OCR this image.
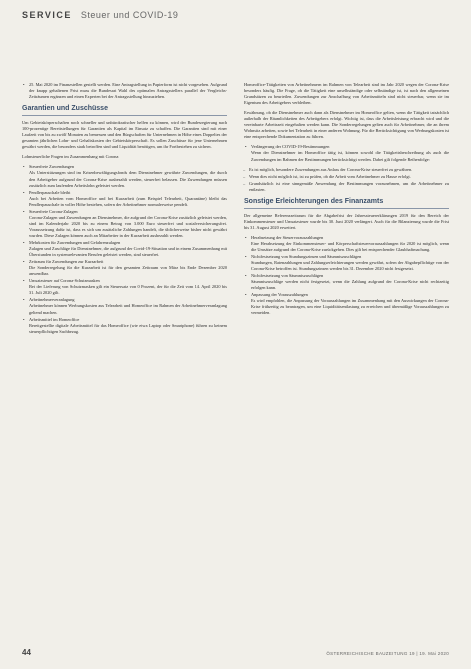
SERVICE Steuer und COVID-19
• 25. Mai 2020 im Finanzstellen gestellt werden. Eine Antragstellung in Papierform ist nicht vorgesehen. Aufgrund der knapp gehaltenen Frist muss die Bundesrat Wahl des optimalen Antragsstellers parallel der Vergleichs-Zeiträumen ergänzen und einen Experten bei der Antragsstellung hinzuziehen.
Garantien und Zuschüsse

Um Gebietskörperschaften noch schneller und unbürokratischer helfen zu können, wird der Bundesregierung nach 100-prozentige Bereitstellungen für Garantien als Kapital im Einsatz zu schaffen. Die Garantien sind mit einer Laufzeit von bis zu zwölf Monaten zu bemessen und den Bürgschaften für Unternehmen in Höhe eines Doppeltes der gesamten jährlichen Lohn- und Gehaltskosten der Gebietskörperschaft. Es sollen Zuschüsse für jene Unternehmen gewährt werden, die besonders stark betroffen sind und Liquidität benötigen, um ihr Fortbestehen zu sichern.

Lohnsteuerliche Fragen im Zusammenhang mit Corona

• Steuerfreie Zuwendungen
Als Unterstützungen sind im Krisenbewältigungsfonds dem Dienstnehmer gewährte Zuwendungen, die durch den Arbeitgeber aufgrund der Corona-Krise ausbezahlt werden, steuerfrei belassen. Die Zuwendungen müssen zusätzlich zum laufenden Arbeitslohn geleistet werden.
• Pendlerpauschale bleibt
Auch bei Arbeiten vom Homeoffice und bei Kurzarbeit (zum Beispiel Telearbeit, Quarantäne) bleibt das Pendlerpauschale in voller Höhe bestehen, sofern der Arbeitnehmer normalerweise pendelt.
• Steuerfreie Corona-Zulagen
Corona-Zulagen und Zuwendungen an Dienstnehmer, die aufgrund der Corona-Krise zusätzlich geleistet werden, sind im Kalenderjahr 2020 bis zu einem Betrag von 3.000 Euro steuerfrei und sozialversicherungsfrei. Voraussetzung dafür ist, dass es sich um zusätzliche Zahlungen handelt, die üblicherweise bisher nicht gewährt wurden. Diese Zulagen können auch an Mitarbeiter in der Kurzarbeit ausbezahlt werden.
• Mehrkosten für Zuwendungen und Gefahrenzulagen
Zulagen und Zuschläge für Dienstnehmer, die aufgrund der Covid-19-Situation und in einem Zusammenhang mit Überstunden in systemrelevanten Berufen geleistet werden, sind steuerfrei.
• Zeitraum für Zuwendungen zur Kurzarbeit
Die Sonderregelung für die Kurzarbeit ist für den gesamten Zeitraum von März bis Ende Dezember 2020 anwendbar.
• Umsatzsteuer auf Corona-Schutzmasken
Bei der Lieferung von Schutzmasken gilt ein Steuersatz von 0 Prozent, der für die Zeit vom 14. April 2020 bis 31. Juli 2020 gilt.
• Arbeitnehmerveranlagung
Arbeitnehmer können Werbungskosten aus Telearbeit und Homeoffice im Rahmen der Arbeitnehmerveranlagung geltend machen.
• Arbeitsmittel im Homeoffice
Bereitgestellte digitale Arbeitsmittel für das Homeoffice (wie etwa Laptop oder Smartphone) führen zu keinem steuerpflichtigen Sachbezug.

Homeoffice-Tätigkeiten von Arbeitnehmern im Rahmen von Telearbeit sind im Jahr 2020 wegen der Corona-Krise besonders häufig. Die Frage, ob die Tätigkeit eine unselbständige oder selbständige ist, ist nach den allgemeinen Grundsätzen zu beurteilen. Zuwendungen zur Anschaffung von Arbeitsmitteln sind nicht steuerbar, wenn sie im Eigentum des Arbeitgebers verbleiben.

Erwähnung, ob die Dienstnehmer auch dann als Dienstnehmer im Homeoffice gelten, wenn die Tätigkeit tatsächlich außerhalb der Räumlichkeiten des Arbeitgebers erfolgt. Wichtig ist, dass die Arbeitsleistung erbracht wird und die vereinbarte Arbeitszeit eingehalten werden kann. Die Sonderregelungen gelten auch für Arbeitnehmer, die an ihrem Wohnsitz arbeiten, sowie bei Telearbeit in einer anderen Wohnung. Für die Berücksichtigung von Werbungskosten ist eine entsprechende Dokumentation zu führen.

• Verlängerung der COVID-19-Bestimmungen
Wenn der Dienstnehmer im Homeoffice tätig ist, können sowohl die Tätigkeitsbeschreibung als auch die Zuwendungen im Rahmen der Bestimmungen berücksichtigt werden. Dabei gilt folgende Reihenfolge:
– Es ist möglich, besondere Zuwendungen aus Anlass der Corona-Krise steuerfrei zu gewähren.
– Wenn dies nicht möglich ist, ist zu prüfen, ob die Arbeit vom Arbeitnehmer zu Hause erfolgt.
– Grundsätzlich ist eine sinngemäße Anwendung der Bestimmungen vorzunehmen, um die Arbeitnehmer zu entlasten.
Sonstige Erleichterungen des Finanzamts

Der allgemeine Referenzzeitraum für die Abgabefrist der Jahressteuererklärungen 2019 für den Bereich der Einkommensteuer und Umsatzsteuer wurde bis 30. Juni 2020 verlängert. Auch für die Bilanzierung wurde die Frist bis 31. August 2020 erweitert.

• Herabsetzung der Steuervorauszahlungen
Eine Herabsetzung der Einkommensteuer- und Körperschaftsteuervorauszahlungen für 2020 ist möglich, wenn die Umsätze aufgrund der Corona-Krise zurückgehen. Dies gilt bei entsprechender Glaubhaftmachung.
• Nichtfestsetzung von Stundungszinsen und Säumniszuschlägen
Stundungen, Ratenzahlungen und Zahlungserleichterungen werden gewährt, sofern der Abgabepflichtige von der Corona-Krise betroffen ist. Stundungszinsen werden bis 31. Dezember 2020 nicht festgesetzt.
• Nichtfestsetzung von Säumniszuschlägen
Säumniszuschläge werden nicht festgesetzt, wenn die Zahlung aufgrund der Corona-Krise nicht rechtzeitig erfolgen kann.
• Anpassung der Vorauszahlungen
Es wird empfohlen, die Anpassung der Vorauszahlungen im Zusammenhang mit den Auswirkungen der Corona-Krise frühzeitig zu beantragen, um eine Liquiditätsentlastung zu erreichen und übermäßige Vorauszahlungen zu vermeiden.
44	ÖSTERREICHISCHE BAUZEITUNG 19 | 19. Mai 2020
